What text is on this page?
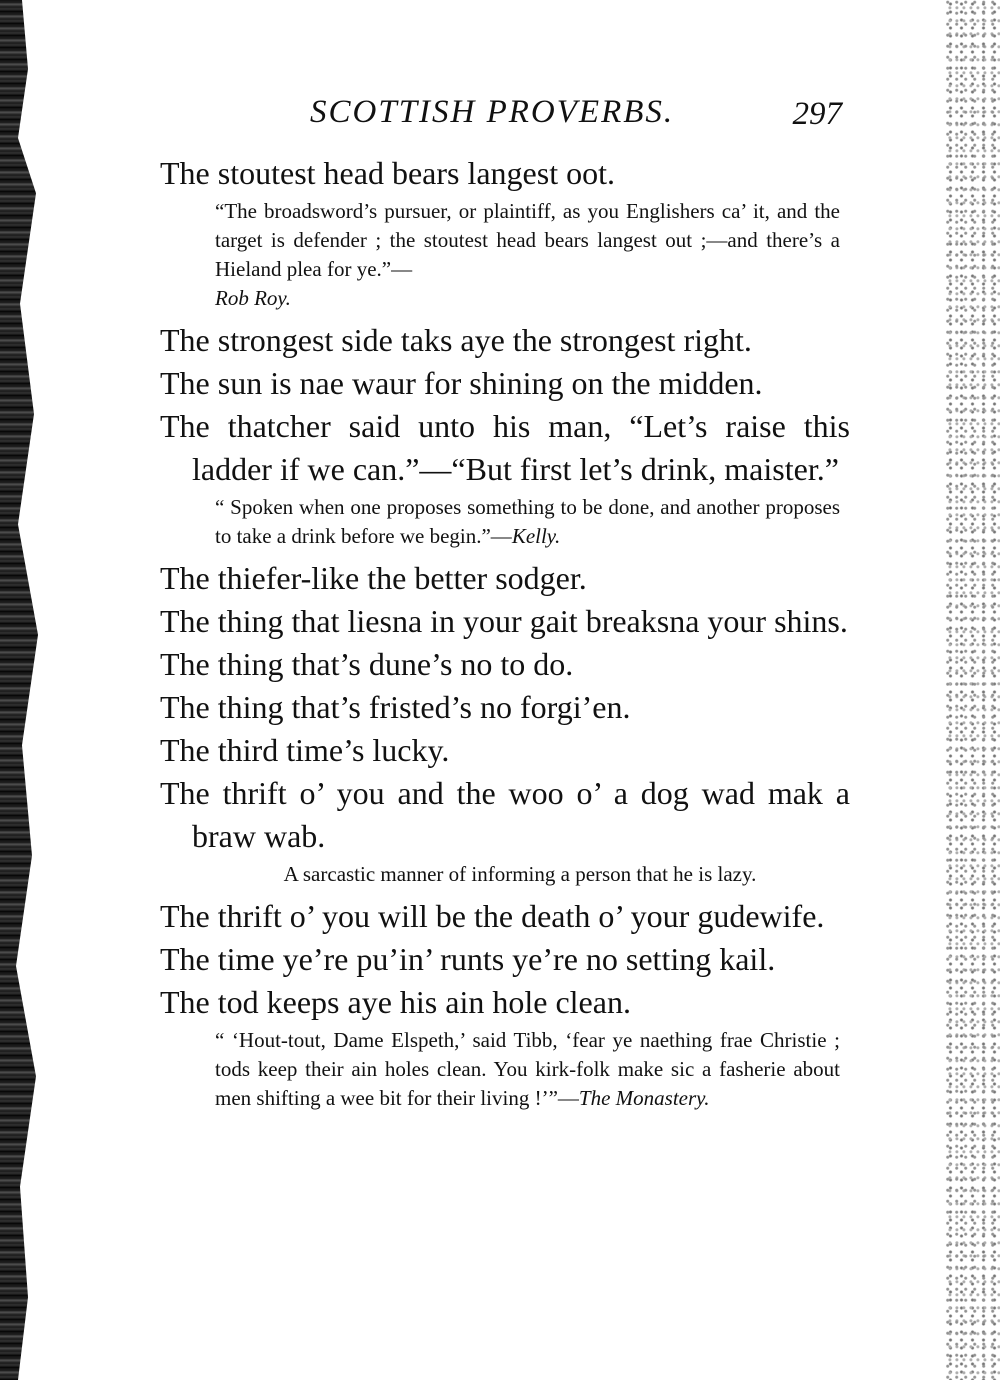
SCOTTISH PROVERBS.	297

The stoutest head bears langest oot.

“The broadsword’s pursuer, or plaintiff, as you Englishers ca’ it, and the target is defender ; the stoutest head bears langest out ;—and there’s a Hieland plea for ye.”—
Rob Roy.

The strongest side taks aye the strongest right.

The sun is nae waur for shining on the midden.

The thatcher said unto his man, “Let’s raise this ladder if we can.”—“But first let’s drink, maister.”

“ Spoken when one proposes something to be done, and another proposes to take a drink before we begin.”—Kelly.

The thiefer-like the better sodger.

The thing that liesna in your gait breaksna your shins.

The thing that’s dune’s no to do.

The thing that’s fristed’s no forgi’en.

The third time’s lucky.

The thrift o’ you and the woo o’ a dog wad mak a braw wab.

A sarcastic manner of informing a person that he is lazy.

The thrift o’ you will be the death o’ your gudewife.

The time ye’re pu’in’ runts ye’re no setting kail.

The tod keeps aye his ain hole clean.

“ ‘Hout-tout, Dame Elspeth,’ said Tibb, ‘fear ye naething frae Christie ; tods keep their ain holes clean. You kirk-folk make sic a fasherie about men shifting a wee bit for their living !’”—The Monastery.
